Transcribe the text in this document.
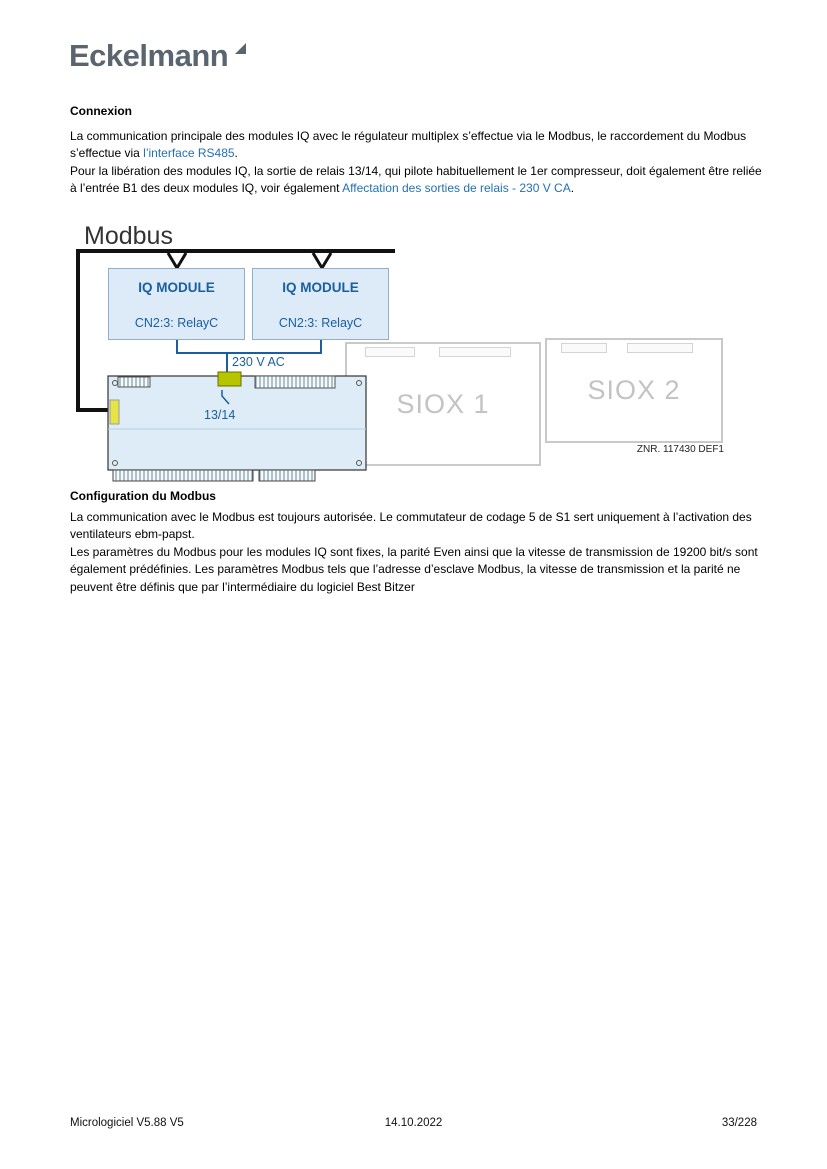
Eckelmann
Connexion

La communication principale des modules IQ avec le régulateur multiplex s’effectue via le Modbus, le raccordement du Modbus s’effectue via l’interface RS485.

Pour la libération des modules IQ, la sortie de relais 13/14, qui pilote habituellement le 1er compresseur, doit également être reliée à l’entrée B1 des deux modules IQ, voir également Affectation des sorties de relais - 230 V CA.

Modbus
SIOX 1	SIOX 2
13/14
IQ MODULE
CN2:3: RelayC
IQ MODULE
CN2:3: RelayC
230 V AC
ZNR. 117430 DEF1
Configuration du Modbus

La communication avec le Modbus est toujours autorisée. Le commutateur de codage 5 de S1 sert uniquement à l’activation des ventilateurs ebm-papst.

Les paramètres du Modbus pour les modules IQ sont fixes, la parité Even ainsi que la vitesse de transmission de 19200 bit/s sont également prédéfinies. Les paramètres Modbus tels que l’adresse d’esclave Modbus, la vitesse de transmission et la parité ne peuvent être définis que par l’intermédiaire du logiciel Best Bitzer

Micrologiciel V5.88 V5	14.10.2022	33/228
